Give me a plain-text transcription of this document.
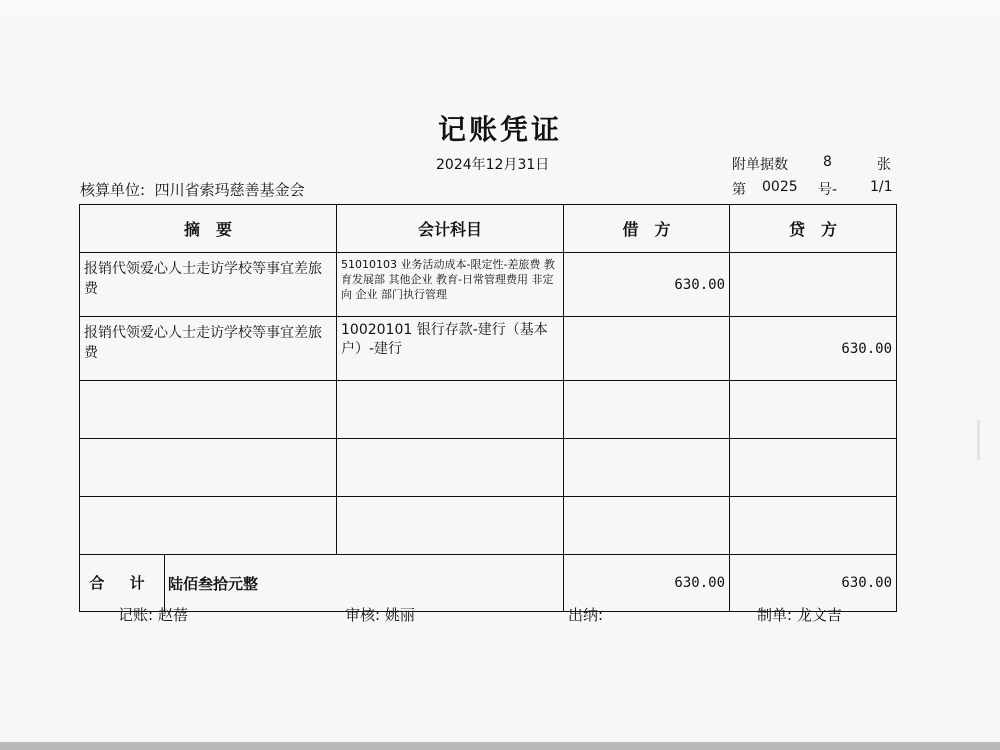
记账凭证
2024年12月31日	附单据数	8	张
核算单位: 四川省索玛慈善基金会	第 0025 号- 1/1
摘　要	会计科目	借　方	贷　方
报销代领爱心人士走访学校等事宜差旅费	51010103 业务活动成本-限定性-差旅费 教育发展部 其他企业 教育-日常管理费用 非定向 企业 部门执行管理	630.00	
报销代领爱心人士走访学校等事宜差旅费	10020101 银行存款-建行（基本户）-建行		630.00

合 计 陆佰叁拾元整		630.00	630.00
记账: 赵蓓	审核: 姚丽	出纳:	制单: 龙文吉
